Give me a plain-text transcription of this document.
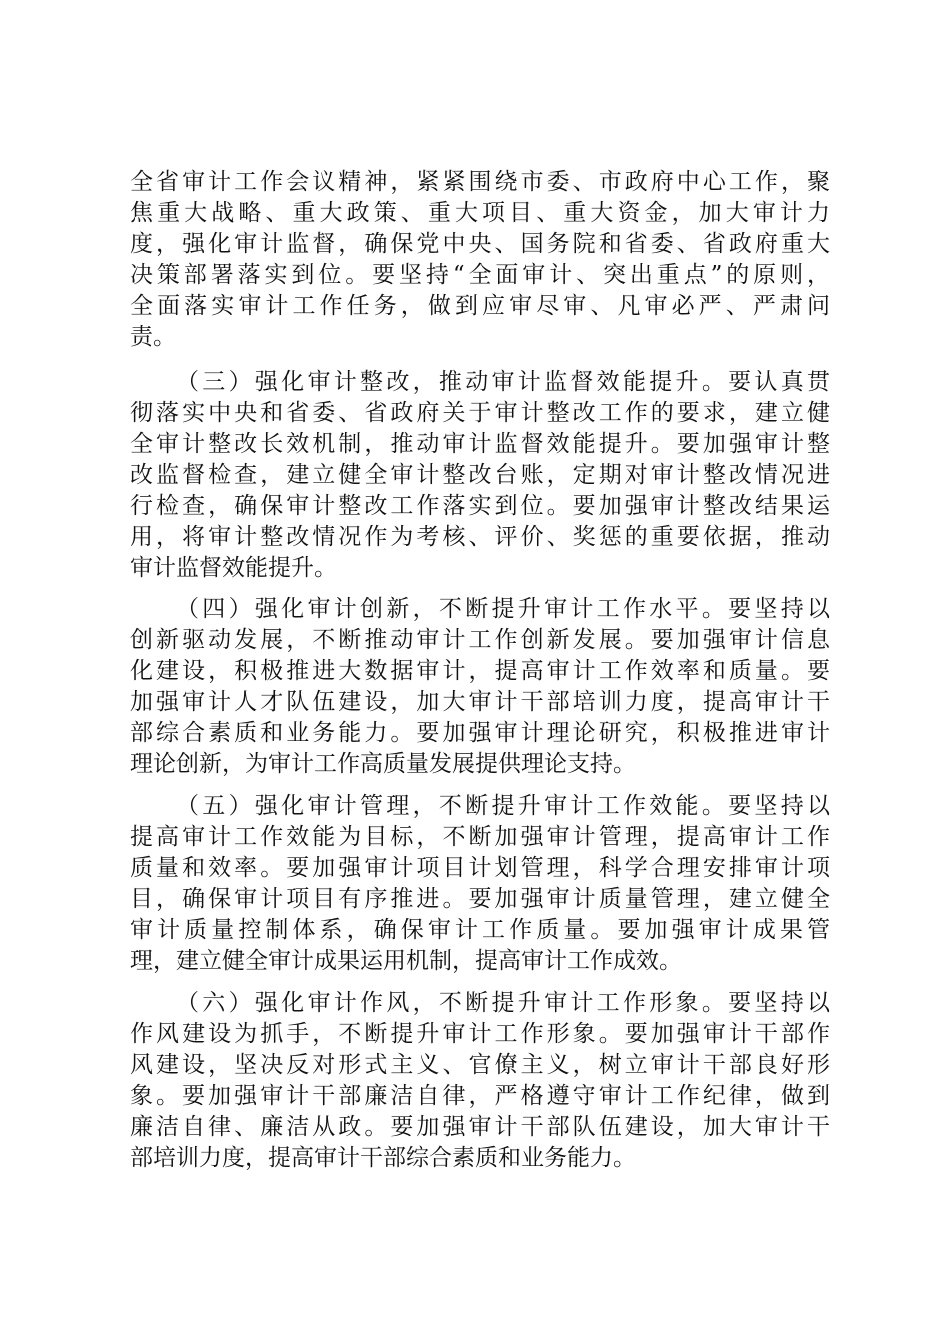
全省审计工作会议精神，紧紧围绕市委、市政府中心工作，聚
焦重大战略、重大政策、重大项目、重大资金，加大审计力
度，强化审计监督，确保党中央、国务院和省委、省政府重大
决策部署落实到位。要坚持“全面审计、突出重点”的原则，
全面落实审计工作任务，做到应审尽审、凡审必严、严肃问
责。
（三）强化审计整改，推动审计监督效能提升。要认真贯
彻落实中央和省委、省政府关于审计整改工作的要求，建立健
全审计整改长效机制，推动审计监督效能提升。要加强审计整
改监督检查，建立健全审计整改台账，定期对审计整改情况进
行检查，确保审计整改工作落实到位。要加强审计整改结果运
用，将审计整改情况作为考核、评价、奖惩的重要依据，推动
审计监督效能提升。
（四）强化审计创新，不断提升审计工作水平。要坚持以
创新驱动发展，不断推动审计工作创新发展。要加强审计信息
化建设，积极推进大数据审计，提高审计工作效率和质量。要
加强审计人才队伍建设，加大审计干部培训力度，提高审计干
部综合素质和业务能力。要加强审计理论研究，积极推进审计
理论创新，为审计工作高质量发展提供理论支持。
（五）强化审计管理，不断提升审计工作效能。要坚持以
提高审计工作效能为目标，不断加强审计管理，提高审计工作
质量和效率。要加强审计项目计划管理，科学合理安排审计项
目，确保审计项目有序推进。要加强审计质量管理，建立健全
审计质量控制体系，确保审计工作质量。要加强审计成果管
理，建立健全审计成果运用机制，提高审计工作成效。
（六）强化审计作风，不断提升审计工作形象。要坚持以
作风建设为抓手，不断提升审计工作形象。要加强审计干部作
风建设，坚决反对形式主义、官僚主义，树立审计干部良好形
象。要加强审计干部廉洁自律，严格遵守审计工作纪律，做到
廉洁自律、廉洁从政。要加强审计干部队伍建设，加大审计干
部培训力度，提高审计干部综合素质和业务能力。
